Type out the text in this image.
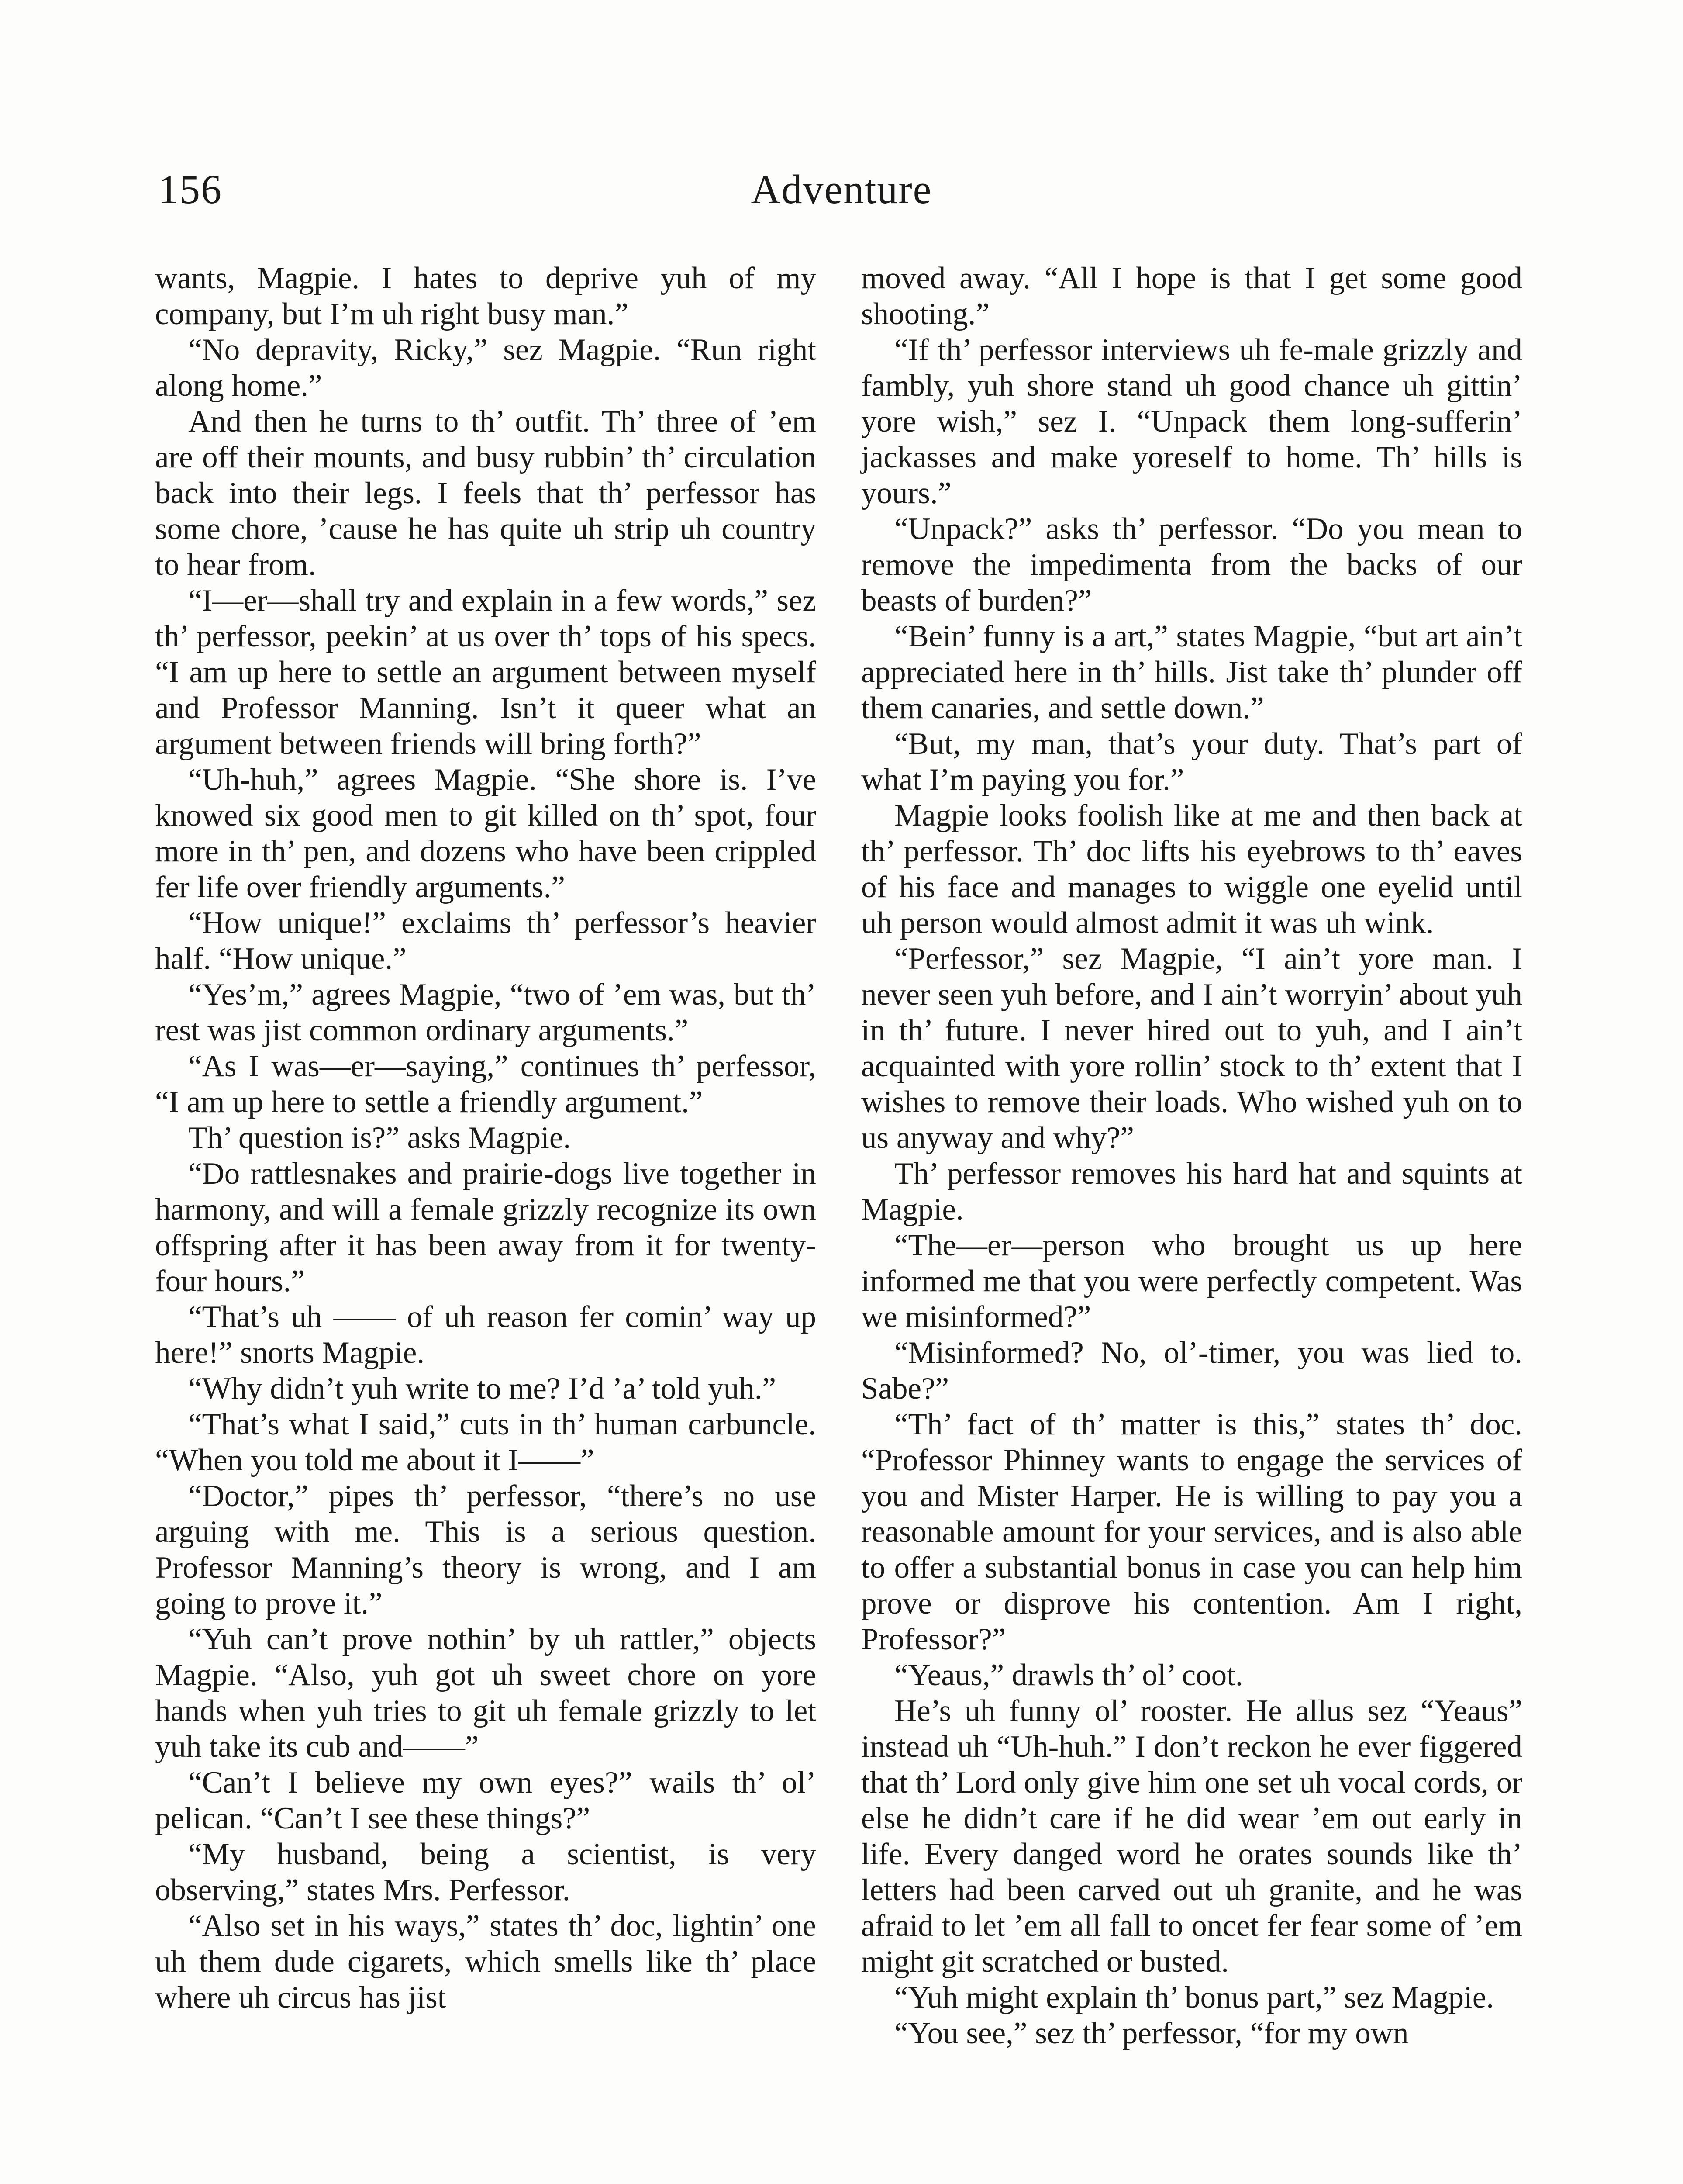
156	Adventure

wants, Magpie. I hates to deprive yuh of my company, but I’m uh right busy man.”

“No depravity, Ricky,” sez Magpie. “Run right along home.”

And then he turns to th’ outfit. Th’ three of ’em are off their mounts, and busy rubbin’ th’ circulation back into their legs. I feels that th’ perfessor has some chore, ’cause he has quite uh strip uh country to hear from.

“I—er—shall try and explain in a few words,” sez th’ perfessor, peekin’ at us over th’ tops of his specs. “I am up here to settle an argument between myself and Professor Manning. Isn’t it queer what an argument between friends will bring forth?”

“Uh-huh,” agrees Magpie. “She shore is. I’ve knowed six good men to git killed on th’ spot, four more in th’ pen, and dozens who have been crippled fer life over friendly arguments.”

“How unique!” exclaims th’ perfessor’s heavier half. “How unique.”

“Yes’m,” agrees Magpie, “two of ’em was, but th’ rest was jist common ordinary arguments.”

“As I was—er—saying,” continues th’ perfessor, “I am up here to settle a friendly argument.”

Th’ question is?” asks Magpie.

“Do rattlesnakes and prairie-dogs live together in harmony, and will a female grizzly recognize its own offspring after it has been away from it for twenty-four hours.”

“That’s uh —— of uh reason fer comin’ way up here!” snorts Magpie.

“Why didn’t yuh write to me? I’d ’a’ told yuh.”

“That’s what I said,” cuts in th’ human carbuncle. “When you told me about it I——”

“Doctor,” pipes th’ perfessor, “there’s no use arguing with me. This is a serious question. Professor Manning’s theory is wrong, and I am going to prove it.”

“Yuh can’t prove nothin’ by uh rattler,” objects Magpie. “Also, yuh got uh sweet chore on yore hands when yuh tries to git uh female grizzly to let yuh take its cub and——”

“Can’t I believe my own eyes?” wails th’ ol’ pelican. “Can’t I see these things?”

“My husband, being a scientist, is very observing,” states Mrs. Perfessor.

“Also set in his ways,” states th’ doc, lightin’ one uh them dude cigarets, which smells like th’ place where uh circus has jist

moved away. “All I hope is that I get some good shooting.”

“If th’ perfessor interviews uh fe-male grizzly and fambly, yuh shore stand uh good chance uh gittin’ yore wish,” sez I. “Unpack them long-sufferin’ jackasses and make yoreself to home. Th’ hills is yours.”

“Unpack?” asks th’ perfessor. “Do you mean to remove the impedimenta from the backs of our beasts of burden?”

“Bein’ funny is a art,” states Magpie, “but art ain’t appreciated here in th’ hills. Jist take th’ plunder off them canaries, and settle down.”

“But, my man, that’s your duty. That’s part of what I’m paying you for.”

Magpie looks foolish like at me and then back at th’ perfessor. Th’ doc lifts his eyebrows to th’ eaves of his face and manages to wiggle one eyelid until uh person would almost admit it was uh wink.

“Perfessor,” sez Magpie, “I ain’t yore man. I never seen yuh before, and I ain’t worryin’ about yuh in th’ future. I never hired out to yuh, and I ain’t acquainted with yore rollin’ stock to th’ extent that I wishes to remove their loads. Who wished yuh on to us anyway and why?”

Th’ perfessor removes his hard hat and squints at Magpie.

“The—er—person who brought us up here informed me that you were perfectly competent. Was we misinformed?”

“Misinformed? No, ol’-timer, you was lied to. Sabe?”

“Th’ fact of th’ matter is this,” states th’ doc. “Professor Phinney wants to engage the services of you and Mister Harper. He is willing to pay you a reasonable amount for your services, and is also able to offer a substantial bonus in case you can help him prove or disprove his contention. Am I right, Professor?”

“Yeaus,” drawls th’ ol’ coot.

He’s uh funny ol’ rooster. He allus sez “Yeaus” instead uh “Uh-huh.” I don’t reckon he ever figgered that th’ Lord only give him one set uh vocal cords, or else he didn’t care if he did wear ’em out early in life. Every danged word he orates sounds like th’ letters had been carved out uh granite, and he was afraid to let ’em all fall to oncet fer fear some of ’em might git scratched or busted.

“Yuh might explain th’ bonus part,” sez Magpie.

“You see,” sez th’ perfessor, “for my own
